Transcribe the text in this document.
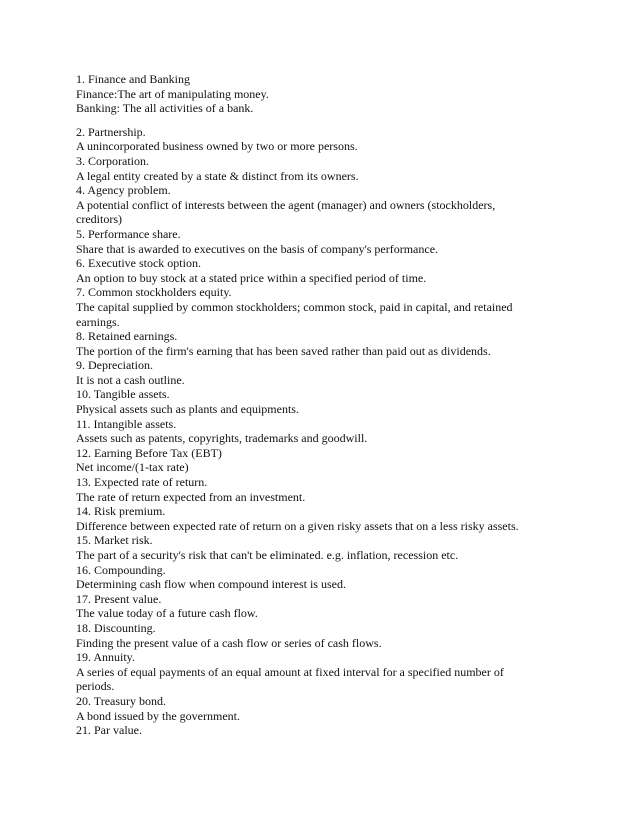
1. Finance and Banking
Finance:The art of manipulating money.
Banking: The all activities of a bank.
2. Partnership.
A unincorporated business owned by two or more persons.
3. Corporation.
A legal entity created by a state & distinct from its owners.
4. Agency problem.
A potential conflict of interests between the agent (manager) and owners (stockholders,
creditors)
5. Performance share.
Share that is awarded to executives on the basis of company's performance.
6. Executive stock option.
An option to buy stock at a stated price within a specified period of time.
7. Common stockholders equity.
The capital supplied by common stockholders; common stock, paid in capital, and retained
earnings.
8. Retained earnings.
The portion of the firm's earning that has been saved rather than paid out as dividends.
9. Depreciation.
It is not a cash outline.
10. Tangible assets.
Physical assets such as plants and equipments.
11. Intangible assets.
Assets such as patents, copyrights, trademarks and goodwill.
12. Earning Before Tax (EBT)
Net income/(1-tax rate)
13. Expected rate of return.
The rate of return expected from an investment.
14. Risk premium.
Difference between expected rate of return on a given risky assets that on a less risky assets.
15. Market risk.
The part of a security's risk that can't be eliminated. e.g. inflation, recession etc.
16. Compounding.
Determining cash flow when compound interest is used.
17. Present value.
The value today of a future cash flow.
18. Discounting.
Finding the present value of a cash flow or series of cash flows.
19. Annuity.
A series of equal payments of an equal amount at fixed interval for a specified number of
periods.
20. Treasury bond.
A bond issued by the government.
21. Par value.
